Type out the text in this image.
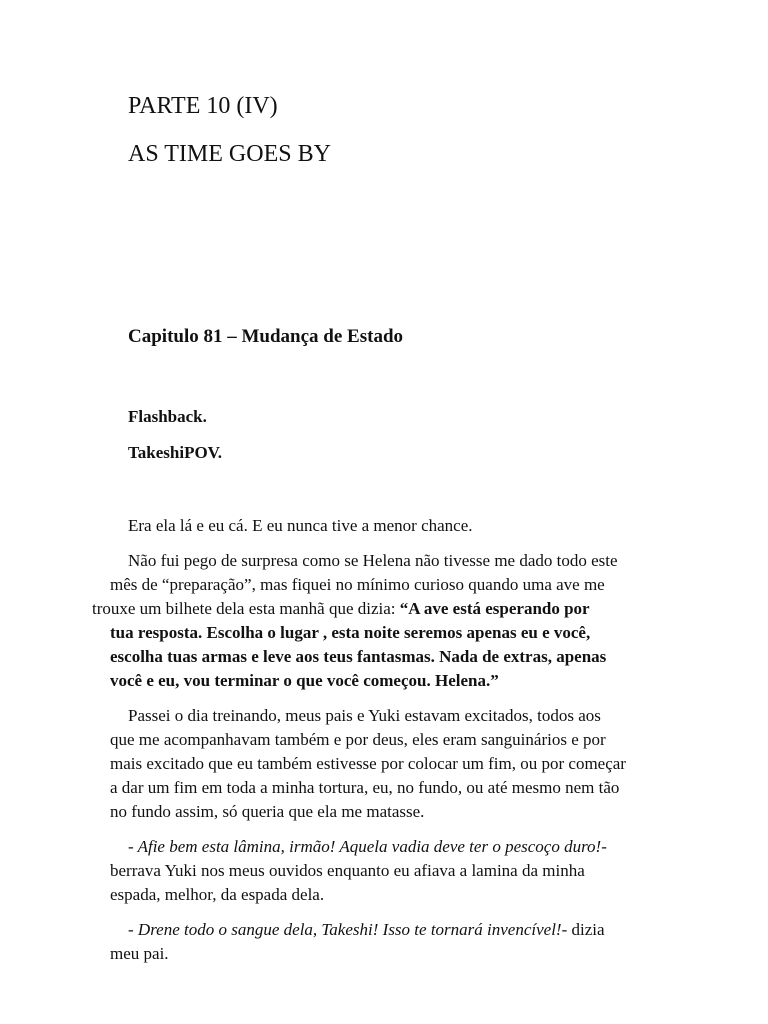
PARTE 10 (IV)
AS TIME GOES BY
Capitulo 81 – Mudança de Estado
Flashback.
TakeshiPOV.

Era ela lá e eu cá. E eu nunca tive a menor chance.

Não fui pego de surpresa como se Helena não tivesse me dado todo este
mês de “preparação”, mas fiquei no mínimo curioso quando uma ave me
trouxe um bilhete dela esta manhã que dizia: “A ave está esperando por
tua resposta. Escolha o lugar , esta noite seremos apenas eu e você,
escolha tuas armas e leve aos teus fantasmas. Nada de extras, apenas
você e eu, vou terminar o que você começou. Helena.”

Passei o dia treinando, meus pais e Yuki estavam excitados, todos aos
que me acompanhavam também e por deus, eles eram sanguinários e por
mais excitado que eu também estivesse por colocar um fim, ou por começar
a dar um fim em toda a minha tortura, eu, no fundo, ou até mesmo nem tão
no fundo assim, só queria que ela me matasse.

- Afie bem esta lâmina, irmão! Aquela vadia deve ter o pescoço duro!-
berrava Yuki nos meus ouvidos enquanto eu afiava a lamina da minha
espada, melhor, da espada dela.

- Drene todo o sangue dela, Takeshi! Isso te tornará invencível!- dizia
meu pai.
